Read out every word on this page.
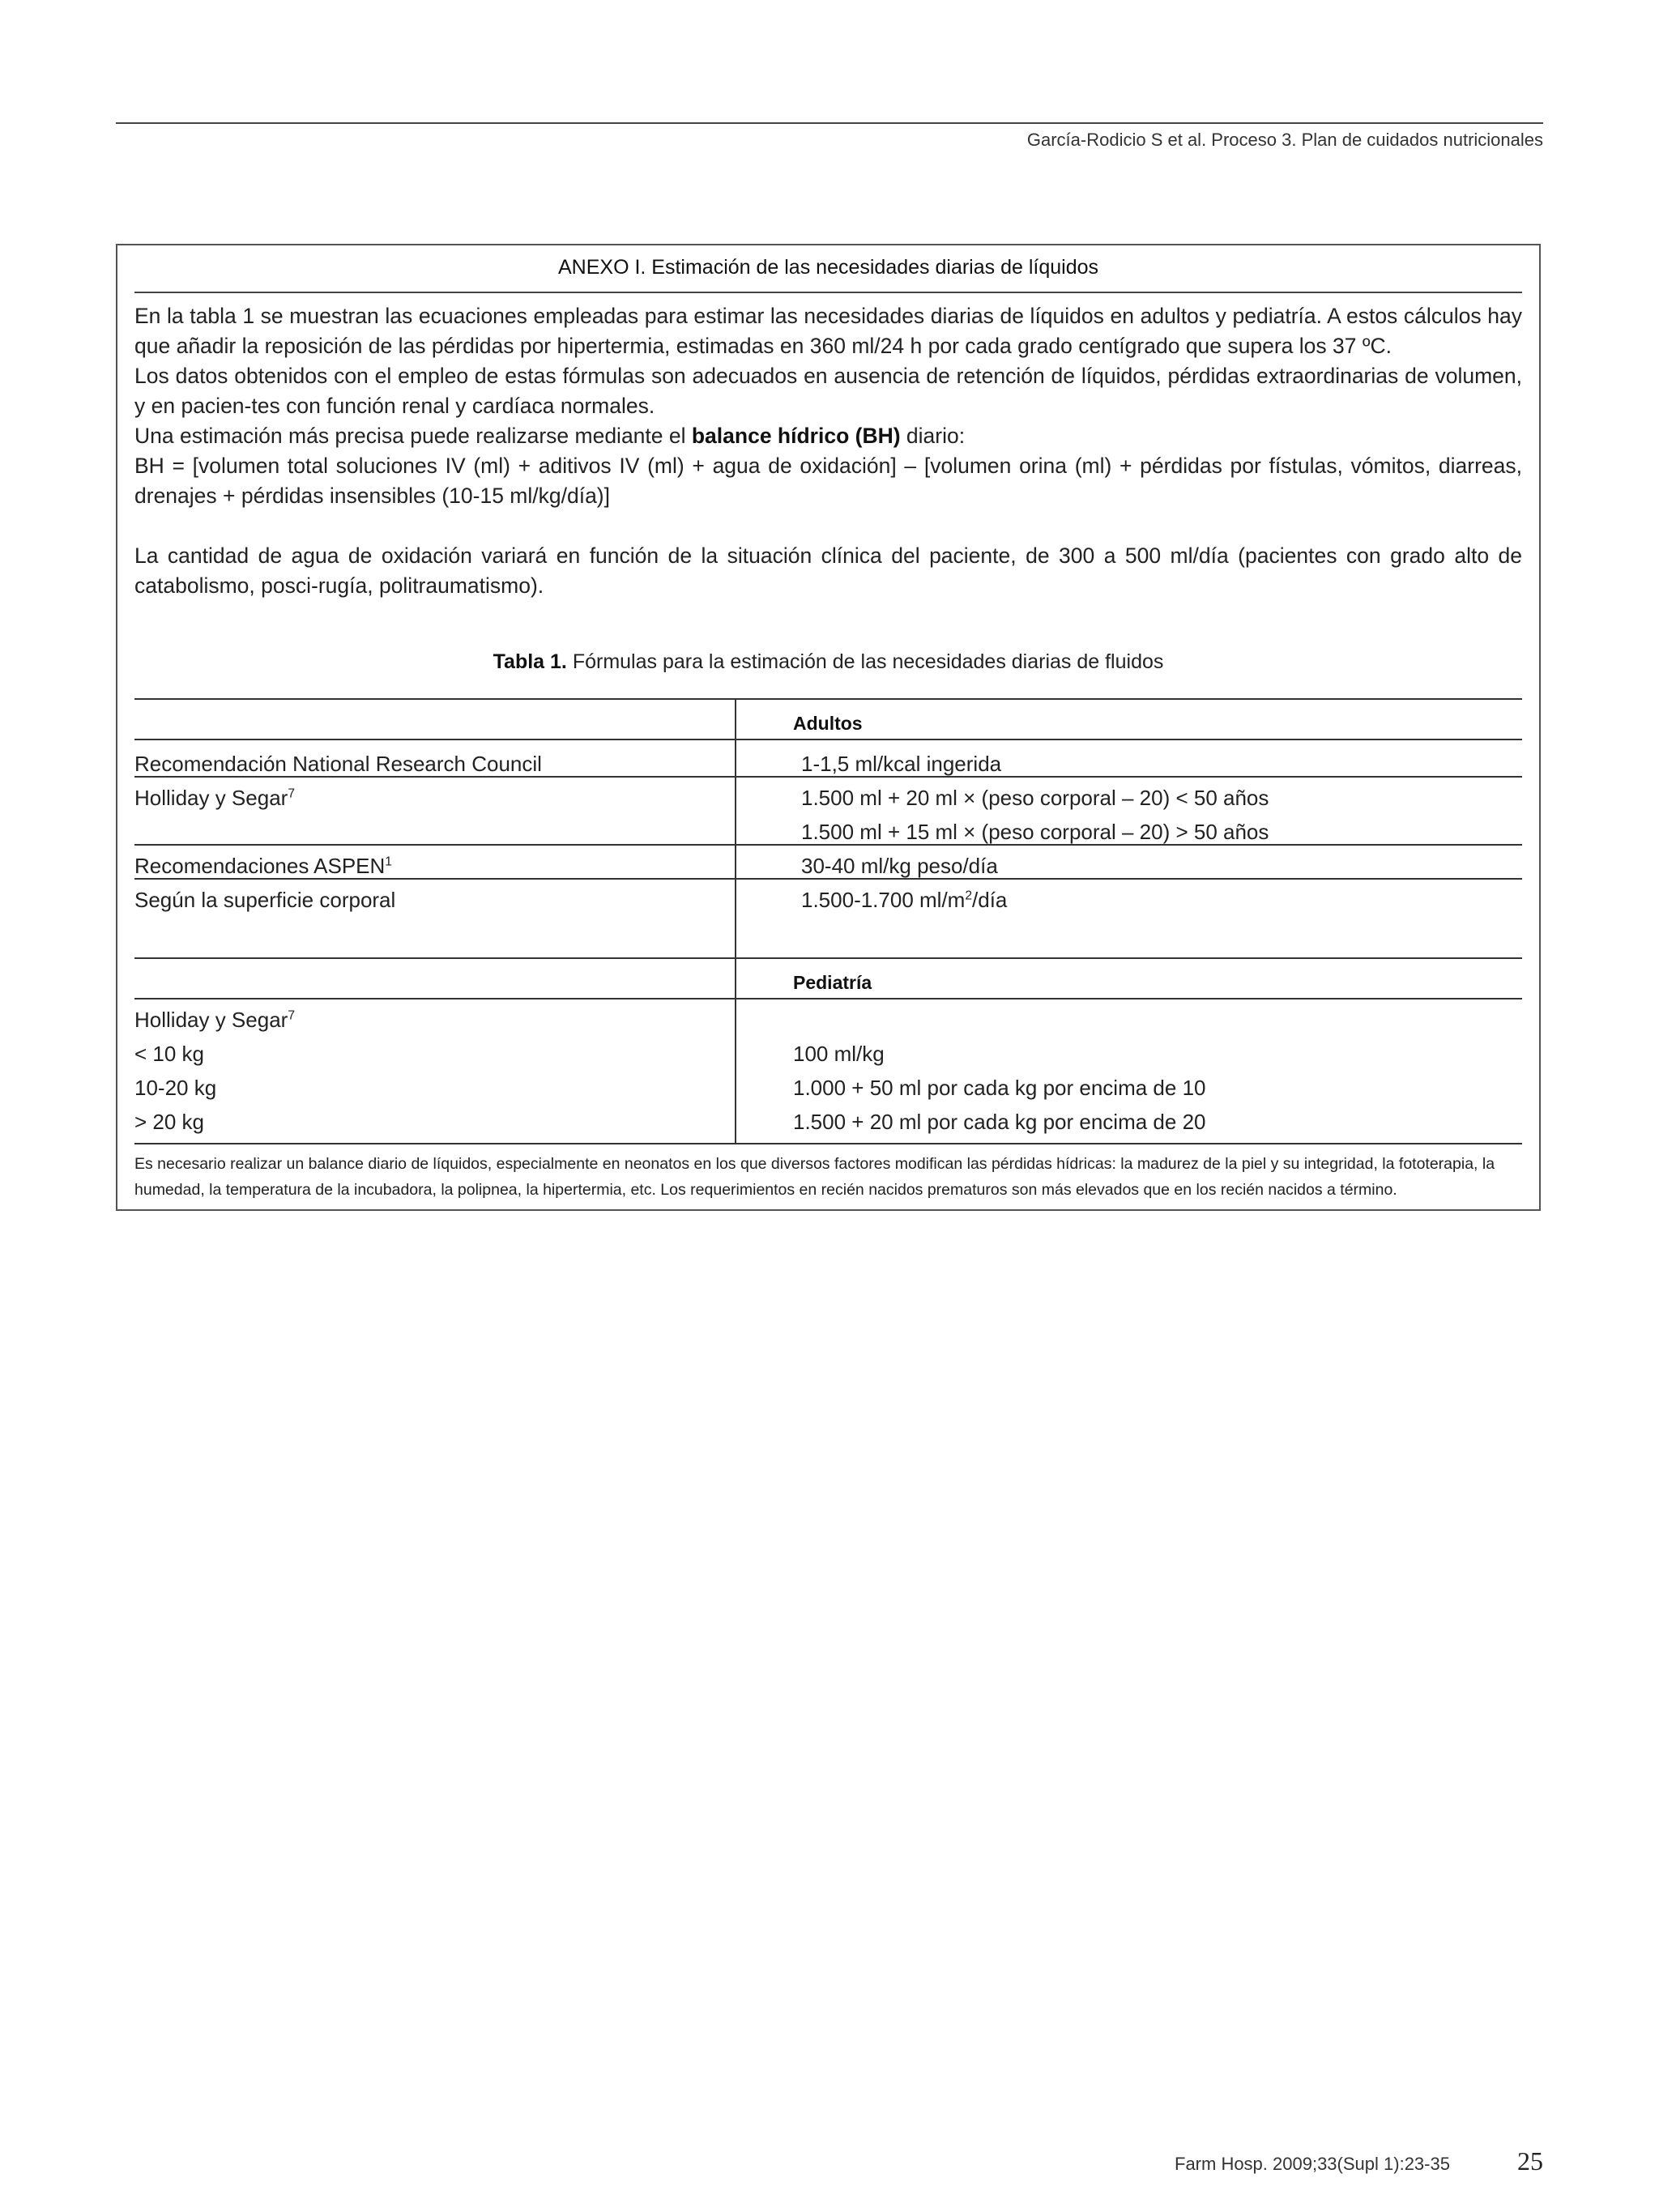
García-Rodicio S et al. Proceso 3. Plan de cuidados nutricionales
ANEXO I. Estimación de las necesidades diarias de líquidos

En la tabla 1 se muestran las ecuaciones empleadas para estimar las necesidades diarias de líquidos en adultos y pediatría. A estos cálculos hay que añadir la reposición de las pérdidas por hipertermia, estimadas en 360 ml/24 h por cada grado centígrado que supera los 37 ºC.

Los datos obtenidos con el empleo de estas fórmulas son adecuados en ausencia de retención de líquidos, pérdidas extraordinarias de volumen, y en pacien-tes con función renal y cardíaca normales.

Una estimación más precisa puede realizarse mediante el balance hídrico (BH) diario:

BH = [volumen total soluciones IV (ml) + aditivos IV (ml) + agua de oxidación] – [volumen orina (ml) + pérdidas por fístulas, vómitos, diarreas, drenajes + pérdidas insensibles (10-15 ml/kg/día)]

La cantidad de agua de oxidación variará en función de la situación clínica del paciente, de 300 a 500 ml/día (pacientes con grado alto de catabolismo, posci-rugía, politraumatismo).

Tabla 1. Fórmulas para la estimación de las necesidades diarias de fluidos
Adultos
Recomendación National Research Council	1-1,5 ml/kcal ingerida
Holliday y Segar$^7$	1.500 ml + 20 ml × (peso corporal – 20) < 50 años
1.500 ml + 15 ml × (peso corporal – 20) > 50 años
Recomendaciones ASPEN$^1$	30-40 ml/kg peso/día
Según la superficie corporal	1.500-1.700 $ml/m^2$/día
Pediatría
Holliday y Segar$^7$
< 10 kg	100 ml/kg
10-20 kg	1.000 + 50 ml por cada kg por encima de 10
> 20 kg	1.500 + 20 ml por cada kg por encima de 20

Es necesario realizar un balance diario de líquidos, especialmente en neonatos en los que diversos factores modifican las pérdidas hídricas: la madurez de la piel y su integridad, la fototerapia, la humedad, la temperatura de la incubadora, la polipnea, la hipertermia, etc. Los requerimientos en recién nacidos prematuros son más elevados que en los recién nacidos a término.

Farm Hosp. 2009;33(Supl 1):23-35	25
